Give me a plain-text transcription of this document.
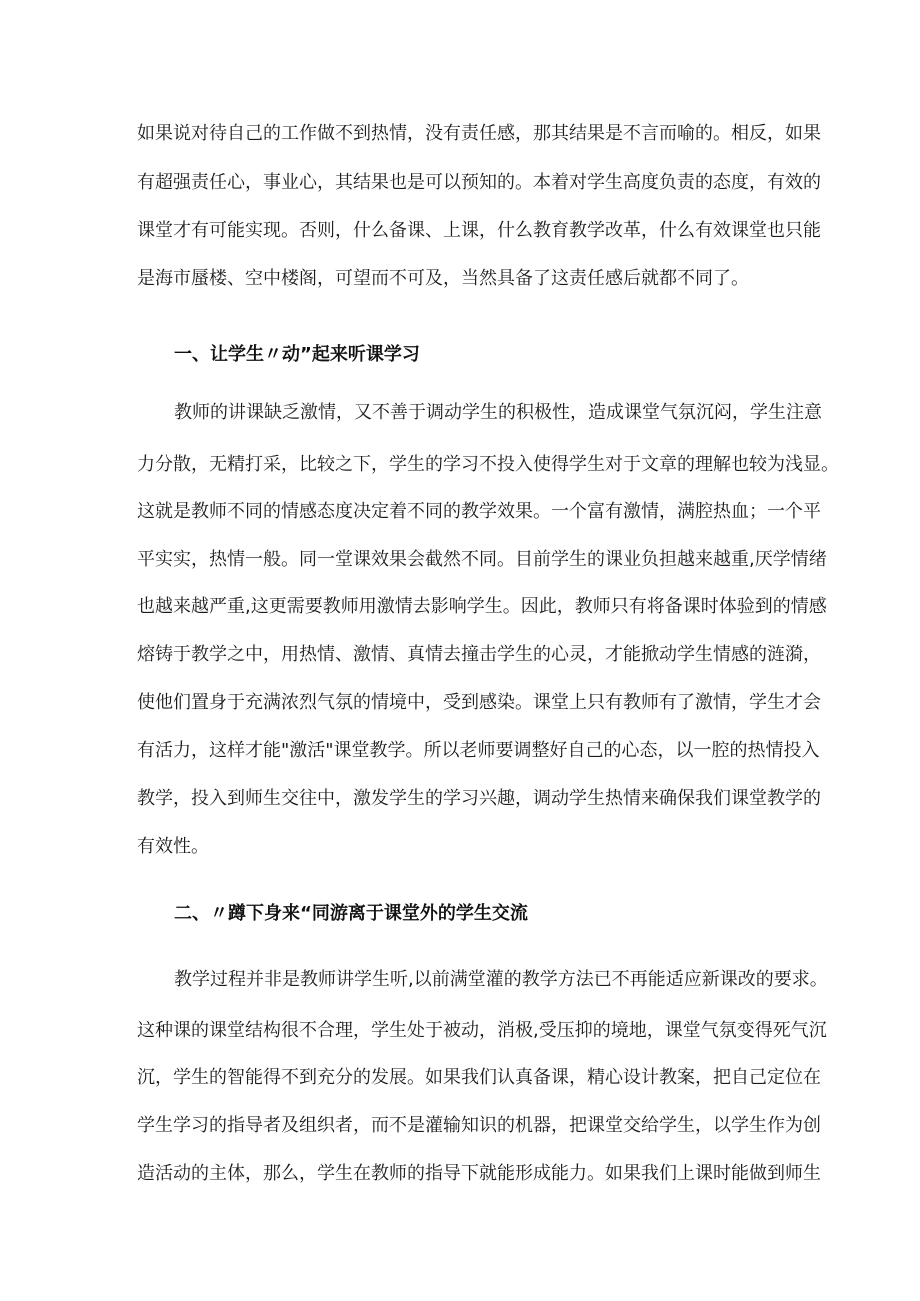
如果说对待自己的工作做不到热情，没有责任感，那其结果是不言而喻的。相反，如果
有超强责任心，事业心，其结果也是可以预知的。本着对学生高度负责的态度，有效的
课堂才有可能实现。否则，什么备课、上课，什么教育教学改革，什么有效课堂也只能
是海市蜃楼、空中楼阁，可望而不可及，当然具备了这责任感后就都不同了。
一、让学生〃动”起来听课学习
教师的讲课缺乏激情，又不善于调动学生的积极性，造成课堂气氛沉闷，学生注意
力分散，无精打采，比较之下，学生的学习不投入使得学生对于文章的理解也较为浅显。
这就是教师不同的情感态度决定着不同的教学效果。一个富有激情，满腔热血；一个平
平实实，热情一般。同一堂课效果会截然不同。目前学生的课业负担越来越重,厌学情绪
也越来越严重,这更需要教师用激情去影响学生。因此，教师只有将备课时体验到的情感
熔铸于教学之中，用热情、激情、真情去撞击学生的心灵，才能掀动学生情感的涟漪，
使他们置身于充满浓烈气氛的情境中，受到感染。课堂上只有教师有了激情，学生才会
有活力，这样才能"激活"课堂教学。所以老师要调整好自己的心态，以一腔的热情投入
教学，投入到师生交往中，激发学生的学习兴趣，调动学生热情来确保我们课堂教学的
有效性。
二、〃蹲下身来“同游离于课堂外的学生交流
教学过程并非是教师讲学生听,以前满堂灌的教学方法已不再能适应新课改的要求。
这种课的课堂结构很不合理，学生处于被动，消极,受压抑的境地，课堂气氛变得死气沉
沉，学生的智能得不到充分的发展。如果我们认真备课，精心设计教案，把自己定位在
学生学习的指导者及组织者，而不是灌输知识的机器，把课堂交给学生，以学生作为创
造活动的主体，那么，学生在教师的指导下就能形成能力。如果我们上课时能做到师生
